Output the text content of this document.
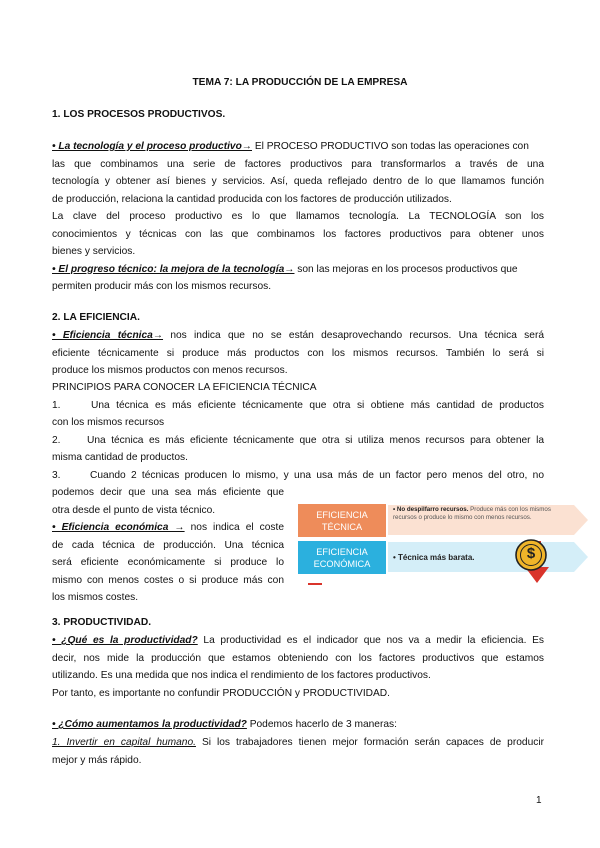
TEMA 7: LA PRODUCCIÓN DE LA EMPRESA
1. LOS PROCESOS PRODUCTIVOS.
• La tecnología y el proceso productivo→ El PROCESO PRODUCTIVO son todas las operaciones con
las que combinamos una serie de factores productivos para transformarlos a través de una
tecnología y obtener así bienes y servicios. Así, queda reflejado dentro de lo que llamamos función
de producción, relaciona la cantidad producida con los factores de producción utilizados.
La clave del proceso productivo es lo que llamamos tecnología. La TECNOLOGÍA son los
conocimientos y técnicas con las que combinamos los factores productivos para obtener unos
bienes y servicios.
• El progreso técnico: la mejora de la tecnología→ son las mejoras en los procesos productivos que
permiten producir más con los mismos recursos.
2. LA EFICIENCIA.
• Eficiencia técnica→ nos indica que no se están desaprovechando recursos. Una técnica será
eficiente técnicamente si produce más productos con los mismos recursos. También lo será si
produce los mismos productos con menos recursos.
PRINCIPIOS PARA CONOCER LA EFICIENCIA TÉCNICA
1.	Una técnica es más eficiente técnicamente que otra si obtiene más cantidad de productos
con los mismos recursos
2.	Una técnica es más eficiente técnicamente que otra si utiliza menos recursos para obtener la
misma cantidad de productos.
3.	Cuando 2 técnicas producen lo mismo, y una usa más de un factor pero menos del otro, no
podemos decir que una sea más eficiente que
otra desde el punto de vista técnico.
• Eficiencia económica → nos indica el coste
de cada técnica de producción. Una técnica
será eficiente económicamente si produce lo
mismo con menos costes o si produce más con
los mismos costes.
EFICIENCIA TÉCNICA
EFICIENCIA ECONÓMICA
• No despilfarro recursos. Produce más con los mismos recursos o produce lo mismo con menos recursos.
• Técnica más barata.	$
3. PRODUCTIVIDAD.
• ¿Qué es la productividad? La productividad es el indicador que nos va a medir la eficiencia. Es
decir, nos mide la producción que estamos obteniendo con los factores productivos que estamos
utilizando. Es una medida que nos indica el rendimiento de los factores productivos.
Por tanto, es importante no confundir PRODUCCIÓN y PRODUCTIVIDAD.
• ¿Cómo aumentamos la productividad? Podemos hacerlo de 3 maneras:
1. Invertir en capital humano. Si los trabajadores tienen mejor formación serán capaces de producir
mejor y más rápido.
1
